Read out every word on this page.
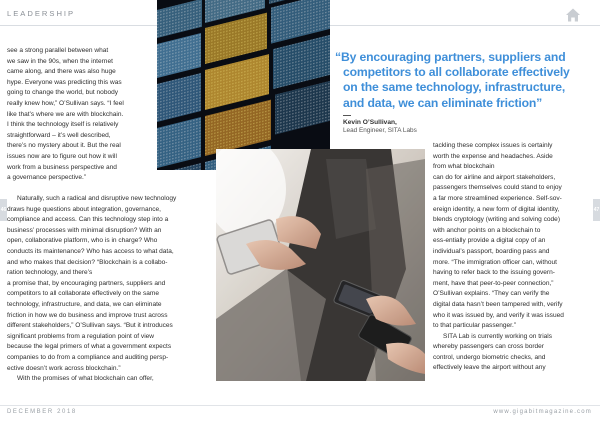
LEADERSHIP
“By encouraging partners, suppliers and
competitors to all collaborate effectively
on the same technology, infrastructure,
and data, we can eliminate friction”
Kevin O’Sullivan,
Lead Engineer, SITA Labs
see a strong parallel between what
we saw in the 90s, when the internet
came along, and there was also huge
hype. Everyone was predicting this was
going to change the world, but nobody
really knew how,” O’Sullivan says. “I feel
like that’s where we are with blockchain.
I think the technology itself is relatively
straightforward – it’s well described,
there’s no mystery about it. But the real
issues now are to figure out how it will
work from a business perspective and
a governance perspective.”
Naturally, such a radical and disruptive new technology
draws huge questions about integration, governance,
compliance and access. Can this technology step into a
business’ processes with minimal disruption? With an
open, collaborative platform, who is in charge? Who
conducts its maintenance? Who has access to what data,
and who makes that decision? “Blockchain is a collabo-
ration technology, and there’s
a promise that, by encouraging partners, suppliers and
competitors to all collaborate effectively on the same
technology, infrastructure, and data, we can eliminate
friction in how we do business and improve trust across
different stakeholders,” O’Sullivan says. “But it introduces
significant problems from a regulation point of view
because the legal primers of what a government expects
companies to do from a compliance and auditing persp-
ective doesn’t work across blockchain.”
With the promises of what blockchain can offer,
tackling these complex issues is certainly
worth the expense and headaches. Aside
from what blockchain
can do for airline and airport stakeholders,
passengers themselves could stand to enjoy
a far more streamlined experience. Self-sov-
ereign identity, a new form of digital identity,
blends cryptology (writing and solving code)
with anchor points on a blockchain to
ess-entially provide a digital copy of an
individual’s passport, boarding pass and
more. “The immigration officer can, without
having to refer back to the issuing govern-
ment, have that peer-to-peer connection,”
O’Sullivan explains. “They can verify the
digital data hasn’t been tampered with, verify
who it was issued by, and verify it was issued
to that particular passenger.”
SITA Lab is currently working on trials
whereby passengers can cross border
control, undergo biometric checks, and
effectively leave the airport without any
46	47
DECEMBER 2018	www.gigabitmagazine.com
